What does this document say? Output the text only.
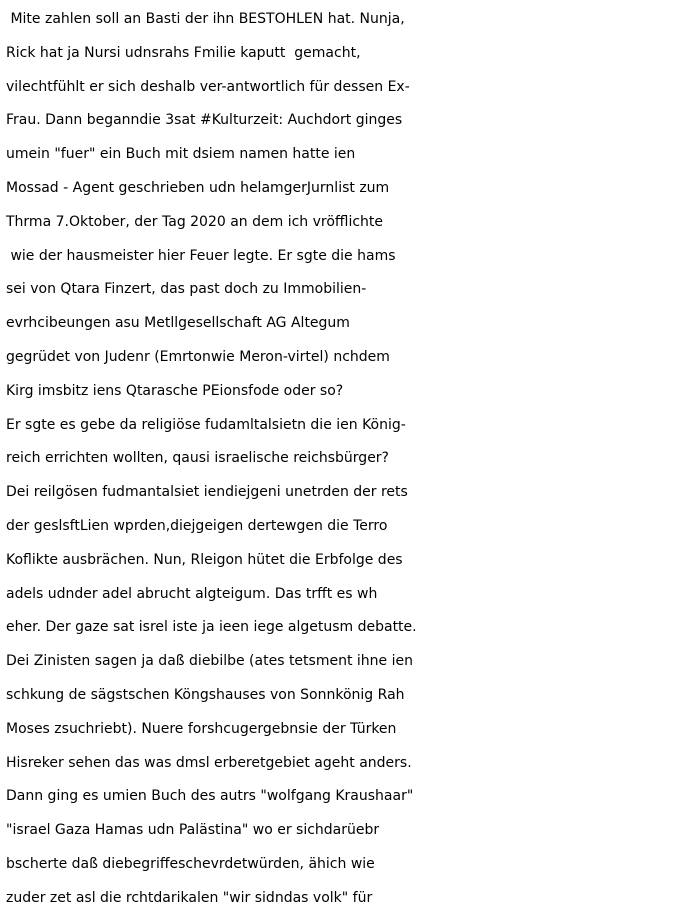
Mite zahlen soll an Basti der ihn BESTOHLEN hat. Nunja,
Rick hat ja Nursi udnsrahs Fmilie kaputt  gemacht,
vilechtfühlt er sich deshalb ver-antwortlich für dessen Ex-
Frau. Dann beganndie 3sat #Kulturzeit: Auchdort ginges
umein "fuer" ein Buch mit dsiem namen hatte ien
Mossad - Agent geschrieben udn helamgerJurnlist zum
Thrma 7.Oktober, der Tag 2020 an dem ich vröfflichte
wie der hausmeister hier Feuer legte. Er sgte die hams
sei von Qtara Finzert, das past doch zu Immobilien-
evrhcibeungen asu Metllgesellschaft AG Altegum
gegrüdet von Judenr (Emrtonwie Meron-virtel) nchdem
Kirg imsbitz iens Qtarasche PEionsfode oder so?
Er sgte es gebe da religiöse fudamltalsietn die ien König-
reich errichten wollten, qausi israelische reichsbürger?
Dei reilgösen fudmantalsiet iendiejgeni unetrden der rets
der geslsftLien wprden,diejgeigen dertewgen die Terro
Koflikte ausbrächen. Nun, Rleigon hütet die Erbfolge des
adels udnder adel abrucht algteigum. Das trfft es wh
eher. Der gaze sat isrel iste ja ieen iege algetusm debatte.
Dei Zinisten sagen ja daß diebilbe (ates tetsment ihne ien
schkung de sägstschen Köngshauses von Sonnkönig Rah
Moses zsuchriebt). Nuere forshcugergebnsie der Türken
Hisreker sehen das was dmsl erberetgebiet ageht anders.
Dann ging es umien Buch des autrs "wolfgang Kraushaar"
"israel Gaza Hamas udn Palästina" wo er sichdarüebr
bscherte daß diebegriffeschevrdetwürden, ähich wie
zuder zet asl die rchtdarikalen "wir sidndas volk" für
